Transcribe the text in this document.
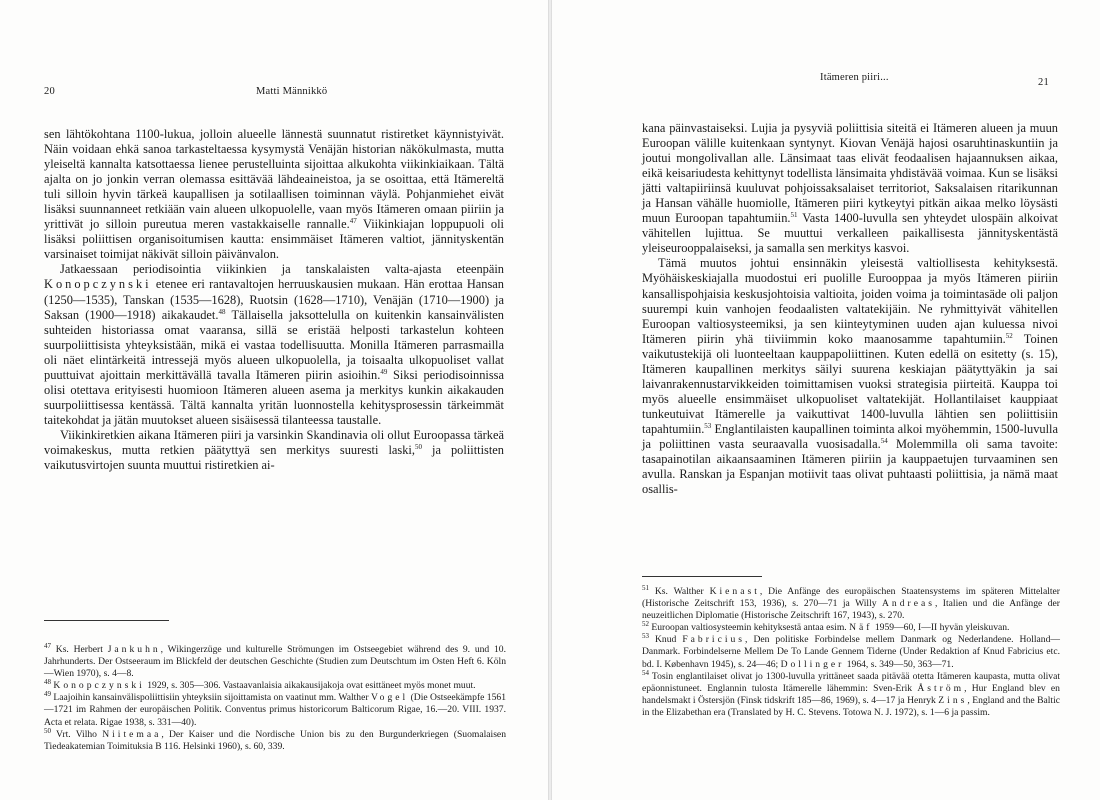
20	Matti Männikkö

sen lähtökohtana 1100-lukua, jolloin alueelle lännestä suunnatut ristiretket käynnistyivät. Näin voidaan ehkä sanoa tarkasteltaessa kysymystä Venäjän historian näkökulmasta, mutta yleiseltä kannalta katsottaessa lienee perustelluinta sijoittaa alkukohta viikinkiaikaan. Tältä ajalta on jo jonkin verran olemassa esittävää lähdeaineistoa, ja se osoittaa, että Itämereltä tuli silloin hyvin tärkeä kaupallisen ja sotilaallisen toiminnan väylä. Pohjanmiehet eivät lisäksi suunnanneet retkiään vain alueen ulkopuolelle, vaan myös Itämeren omaan piiriin ja yrittivät jo silloin pureutua meren vastakkaiselle rannalle.$^{47}$ Viikinkiajan loppupuoli oli lisäksi poliittisen organisoitumisen kautta: ensimmäiset Itämeren valtiot, jännityskentän varsinaiset toimijat näkivät silloin päivänvalon.

Jatkaessaan periodisointia viikinkien ja tanskalaisten valta-ajasta eteenpäin Konopczynski etenee eri rantavaltojen herruuskausien mukaan. Hän erottaa Hansan (1250—1535), Tanskan (1535—1628), Ruotsin (1628—1710), Venäjän (1710—1900) ja Saksan (1900—1918) aikakaudet.$^{48}$ Tällaisella jaksottelulla on kuitenkin kansainvälisten suhteiden historiassa omat vaaransa, sillä se eristää helposti tarkastelun kohteen suurpoliittisista yhteyksistään, mikä ei vastaa todellisuutta. Monilla Itämeren parrasmailla oli näet elintärkeitä intressejä myös alueen ulkopuolella, ja toisaalta ulkopuoliset vallat puuttuivat ajoittain merkittävällä tavalla Itämeren piirin asioihin.$^{49}$ Siksi periodisoinnissa olisi otettava erityisesti huomioon Itämeren alueen asema ja merkitys kunkin aikakauden suurpoliittisessa kentässä. Tältä kannalta yritän luonnostella kehitysprosessin tärkeimmät taitekohdat ja jätän muutokset alueen sisäisessä tilanteessa taustalle.

Viikinkiretkien aikana Itämeren piiri ja varsinkin Skandinavia oli ollut Euroopassa tärkeä voimakeskus, mutta retkien päätyttyä sen merkitys suuresti laski,$^{50}$ ja poliittisten vaikutusvirtojen suunta muuttui ristiretkien ai-

$^{47}$ Ks. Herbert Jankuhn, Wikingerzüge und kulturelle Strömungen im Ostseegebiet während des 9. und 10. Jahrhunderts. Der Ostseeraum im Blickfeld der deutschen Geschichte (Studien zum Deutschtum im Osten Heft 6. Köln—Wien 1970), s. 4—8.

$^{48}$ Konopczynski 1929, s. 305—306. Vastaavanlaisia aikakausijakoja ovat esittäneet myös monet muut.

$^{49}$ Laajoihin kansainvälispoliittisiin yhteyksiin sijoittamista on vaatinut mm. Walther Vogel (Die Ostseekämpfe 1561—1721 im Rahmen der europäischen Politik. Conventus primus historicorum Balticorum Rigae, 16.—20. VIII. 1937. Acta et relata. Rigae 1938, s. 331—40).

$^{50}$ Vrt. Vilho Niitemaa, Der Kaiser und die Nordische Union bis zu den Burgunderkriegen (Suomalaisen Tiedeakatemian Toimituksia B 116. Helsinki 1960), s. 60, 339.

Itämeren piiri...	21

kana päinvastaiseksi. Lujia ja pysyviä poliittisia siteitä ei Itämeren alueen ja muun Euroopan välille kuitenkaan syntynyt. Kiovan Venäjä hajosi osaruhtinaskuntiin ja joutui mongolivallan alle. Länsimaat taas elivät feodaalisen hajaannuksen aikaa, eikä keisariudesta kehittynyt todellista länsimaita yhdistävää voimaa. Kun se lisäksi jätti valtapiiriinsä kuuluvat pohjoissaksalaiset territoriot, Saksalaisen ritarikunnan ja Hansan vähälle huomiolle, Itämeren piiri kytkeytyi pitkän aikaa melko löysästi muun Euroopan tapahtumiin.$^{51}$ Vasta 1400-luvulla sen yhteydet ulospäin alkoivat vähitellen lujittua. Se muuttui verkalleen paikallisesta jännityskentästä yleiseurooppalaiseksi, ja samalla sen merkitys kasvoi.

Tämä muutos johtui ensinnäkin yleisestä valtiollisesta kehityksestä. Myöhäiskeskiajalla muodostui eri puolille Eurooppaa ja myös Itämeren piiriin kansallispohjaisia keskusjohtoisia valtioita, joiden voima ja toimintasäde oli paljon suurempi kuin vanhojen feodaalisten valtatekijäin. Ne ryhmittyivät vähitellen Euroopan valtiosysteemiksi, ja sen kiinteytyminen uuden ajan kuluessa nivoi Itämeren piirin yhä tiiviimmin koko maanosamme tapahtumiin.$^{52}$ Toinen vaikutustekijä oli luonteeltaan kauppapoliittinen. Kuten edellä on esitetty (s. 15), Itämeren kaupallinen merkitys säilyi suurena keskiajan päätyttyäkin ja sai laivanrakennustarvikkeiden toimittamisen vuoksi strategisia piirteitä. Kauppa toi myös alueelle ensimmäiset ulkopuoliset valtatekijät. Hollantilaiset kauppiaat tunkeutuivat Itämerelle ja vaikuttivat 1400-luvulla lähtien sen poliittisiin tapahtumiin.$^{53}$ Englantilaisten kaupallinen toiminta alkoi myöhemmin, 1500-luvulla ja poliittinen vasta seuraavalla vuosisadalla.$^{54}$ Molemmilla oli sama tavoite: tasapainotilan aikaansaaminen Itämeren piiriin ja kauppaetujen turvaaminen sen avulla. Ranskan ja Espanjan motiivit taas olivat puhtaasti poliittisia, ja nämä maat osallis-

$^{51}$ Ks. Walther Kienast, Die Anfänge des europäischen Staatensystems im späteren Mittelalter (Historische Zeitschrift 153, 1936), s. 270—71 ja Willy Andreas, Italien und die Anfänge der neuzeitlichen Diplomatie (Historische Zeitschrift 167, 1943), s. 270.

$^{52}$ Euroopan valtiosysteemin kehityksestä antaa esim. Näf 1959—60, I—II hyvän yleiskuvan.

$^{53}$ Knud Fabricius, Den politiske Forbindelse mellem Danmark og Nederlandene. Holland—Danmark. Forbindelserne Mellem De To Lande Gennem Tiderne (Under Redaktion af Knud Fabricius etc. bd. I. København 1945), s. 24—46; Dollinger 1964, s. 349—50, 363—71.

$^{54}$ Tosin englantilaiset olivat jo 1300-luvulla yrittäneet saada pitävää otetta Itämeren kaupasta, mutta olivat epäonnistuneet. Englannin tulosta Itämerelle lähemmin: Sven-Erik Åström, Hur England blev en handelsmakt i Östersjön (Finsk tidskrift 185—86, 1969), s. 4—17 ja Henryk Zins, England and the Baltic in the Elizabethan era (Translated by H. C. Stevens. Totowa N. J. 1972), s. 1—6 ja passim.
